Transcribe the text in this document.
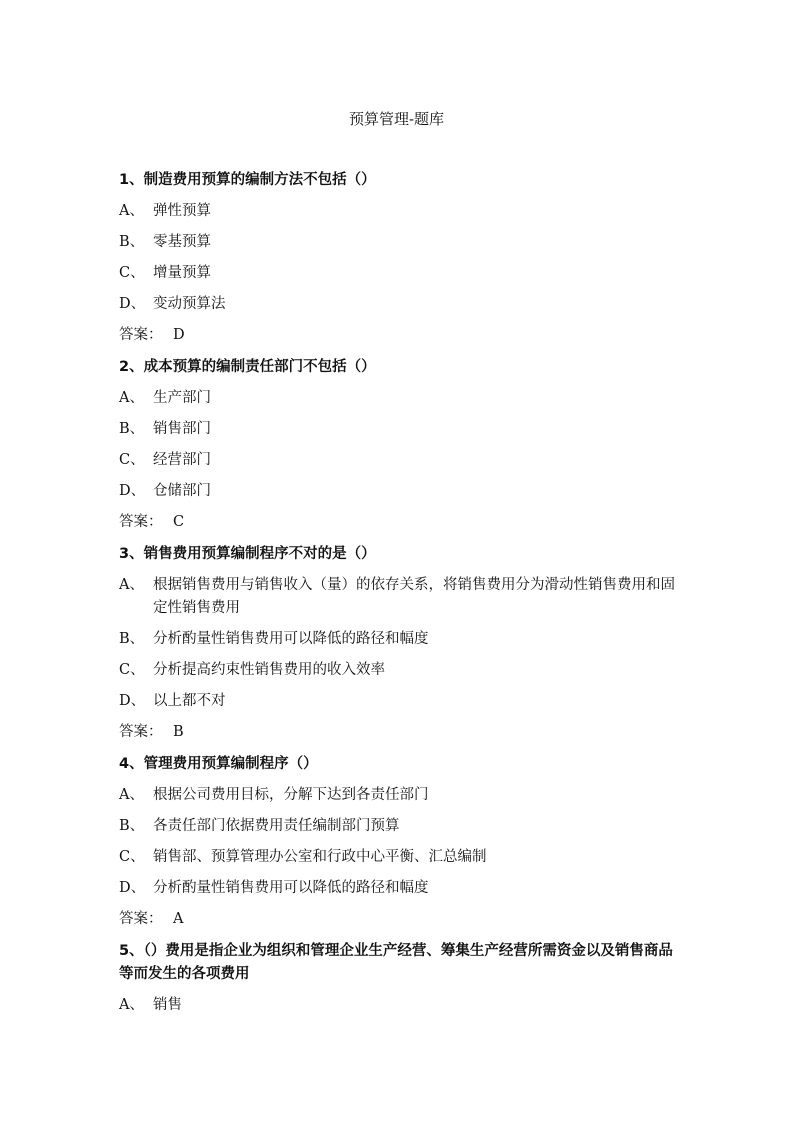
预算管理-题库
1、制造费用预算的编制方法不包括（）
A、 弹性预算
B、 零基预算
C、 增量预算
D、 变动预算法
答案： D
2、成本预算的编制责任部门不包括（）
A、 生产部门
B、 销售部门
C、 经营部门
D、 仓储部门
答案： C
3、销售费用预算编制程序不对的是（）
A、 根据销售费用与销售收入（量）的依存关系，将销售费用分为滑动性销售费用和固定性销售费用
B、 分析酌量性销售费用可以降低的路径和幅度
C、 分析提高约束性销售费用的收入效率
D、 以上都不对
答案： B
4、管理费用预算编制程序（）
A、 根据公司费用目标，分解下达到各责任部门
B、 各责任部门依据费用责任编制部门预算
C、 销售部、预算管理办公室和行政中心平衡、汇总编制
D、 分析酌量性销售费用可以降低的路径和幅度
答案： A
5、（）费用是指企业为组织和管理企业生产经营、筹集生产经营所需资金以及销售商品等而发生的各项费用
A、 销售
